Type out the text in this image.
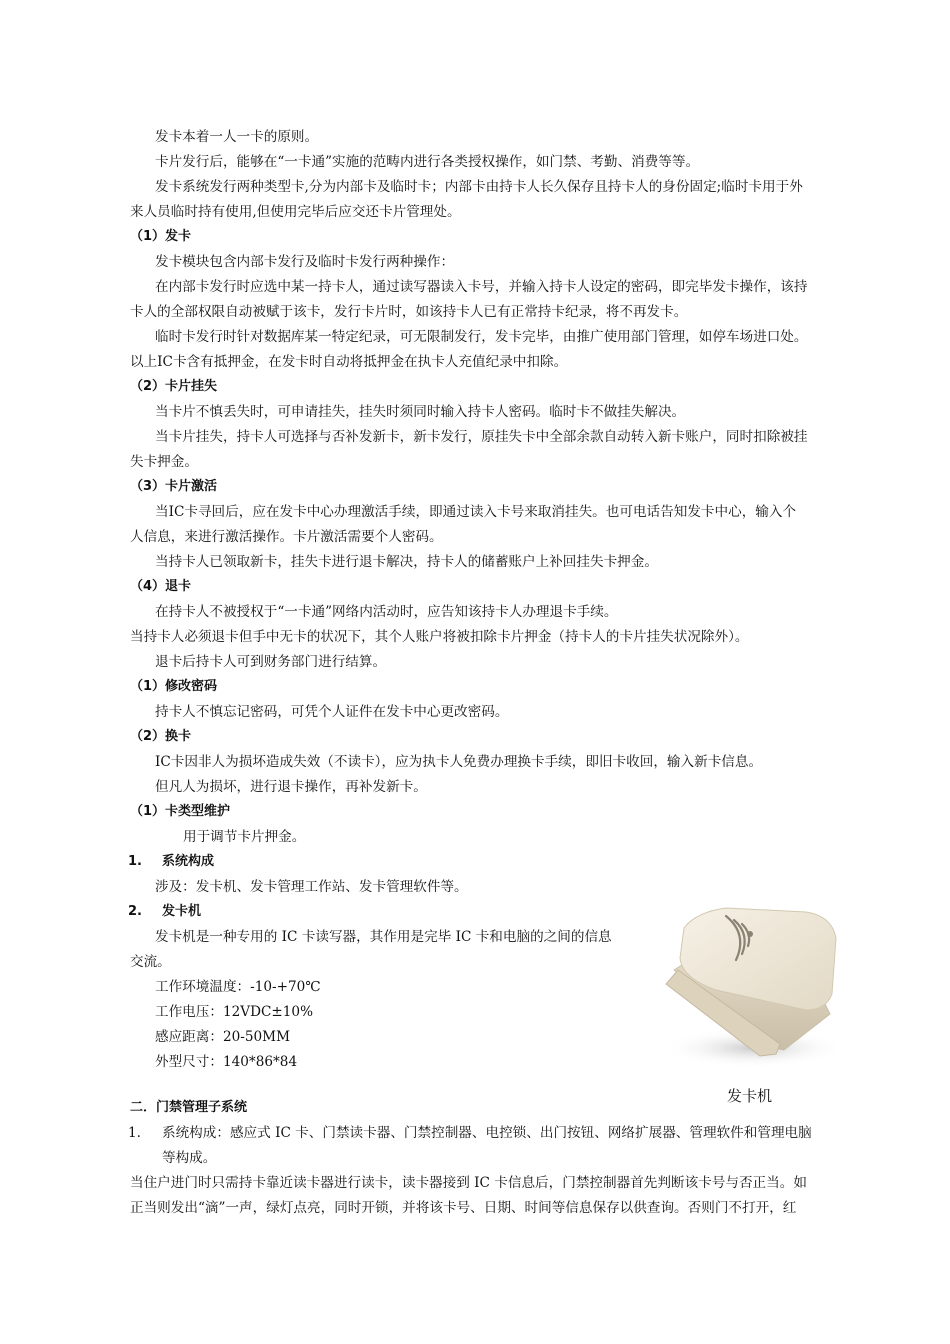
发卡本着一人一卡的原则。
卡片发行后，能够在“一卡通”实施的范畴内进行各类授权操作，如门禁、考勤、消费等等。
发卡系统发行两种类型卡,分为内部卡及临时卡；内部卡由持卡人长久保存且持卡人的身份固定;临时卡用于外
来人员临时持有使用,但使用完毕后应交还卡片管理处。
（1）发卡
发卡模块包含内部卡发行及临时卡发行两种操作：
在内部卡发行时应选中某一持卡人，通过读写器读入卡号，并输入持卡人设定的密码，即完毕发卡操作，该持
卡人的全部权限自动被赋于该卡，发行卡片时，如该持卡人已有正常持卡纪录，将不再发卡。
临时卡发行时针对数据库某一特定纪录，可无限制发行，发卡完毕，由推广使用部门管理，如停车场进口处。
以上IC卡含有抵押金，在发卡时自动将抵押金在执卡人充值纪录中扣除。
（2）卡片挂失
当卡片不慎丢失时，可申请挂失，挂失时须同时输入持卡人密码。临时卡不做挂失解决。
当卡片挂失，持卡人可选择与否补发新卡，新卡发行，原挂失卡中全部余款自动转入新卡账户，同时扣除被挂
失卡押金。
（3）卡片激活
当IC卡寻回后，应在发卡中心办理激活手续，即通过读入卡号来取消挂失。也可电话告知发卡中心，输入个
人信息，来进行激活操作。卡片激活需要个人密码。
当持卡人已领取新卡，挂失卡进行退卡解决，持卡人的储蓄账户上补回挂失卡押金。
（4）退卡
在持卡人不被授权于“一卡通”网络内活动时，应告知该持卡人办理退卡手续。
当持卡人必须退卡但手中无卡的状况下，其个人账户将被扣除卡片押金（持卡人的卡片挂失状况除外）。
退卡后持卡人可到财务部门进行结算。
（1）修改密码
持卡人不慎忘记密码，可凭个人证件在发卡中心更改密码。
（2）换卡
IC卡因非人为损坏造成失效（不读卡），应为执卡人免费办理换卡手续，即旧卡收回，输入新卡信息。
但凡人为损坏，进行退卡操作，再补发新卡。
（1）卡类型维护
用于调节卡片押金。
1. 系统构成
涉及：发卡机、发卡管理工作站、发卡管理软件等。
2. 发卡机
发卡机是一种专用的 IC 卡读写器，其作用是完毕 IC 卡和电脑的之间的信息
交流。
工作环境温度：-10-+70℃
工作电压：12VDC±10%
感应距离：20-50MM
外型尺寸：140*86*84
发卡机
二．门禁管理子系统
1. 系统构成：感应式 IC 卡、门禁读卡器、门禁控制器、电控锁、出门按钮、网络扩展器、管理软件和管理电脑
等构成。
当住户进门时只需持卡靠近读卡器进行读卡，读卡器接到 IC 卡信息后，门禁控制器首先判断该卡号与否正当。如
正当则发出“滴”一声，绿灯点亮，同时开锁，并将该卡号、日期、时间等信息保存以供查询。否则门不打开，红
